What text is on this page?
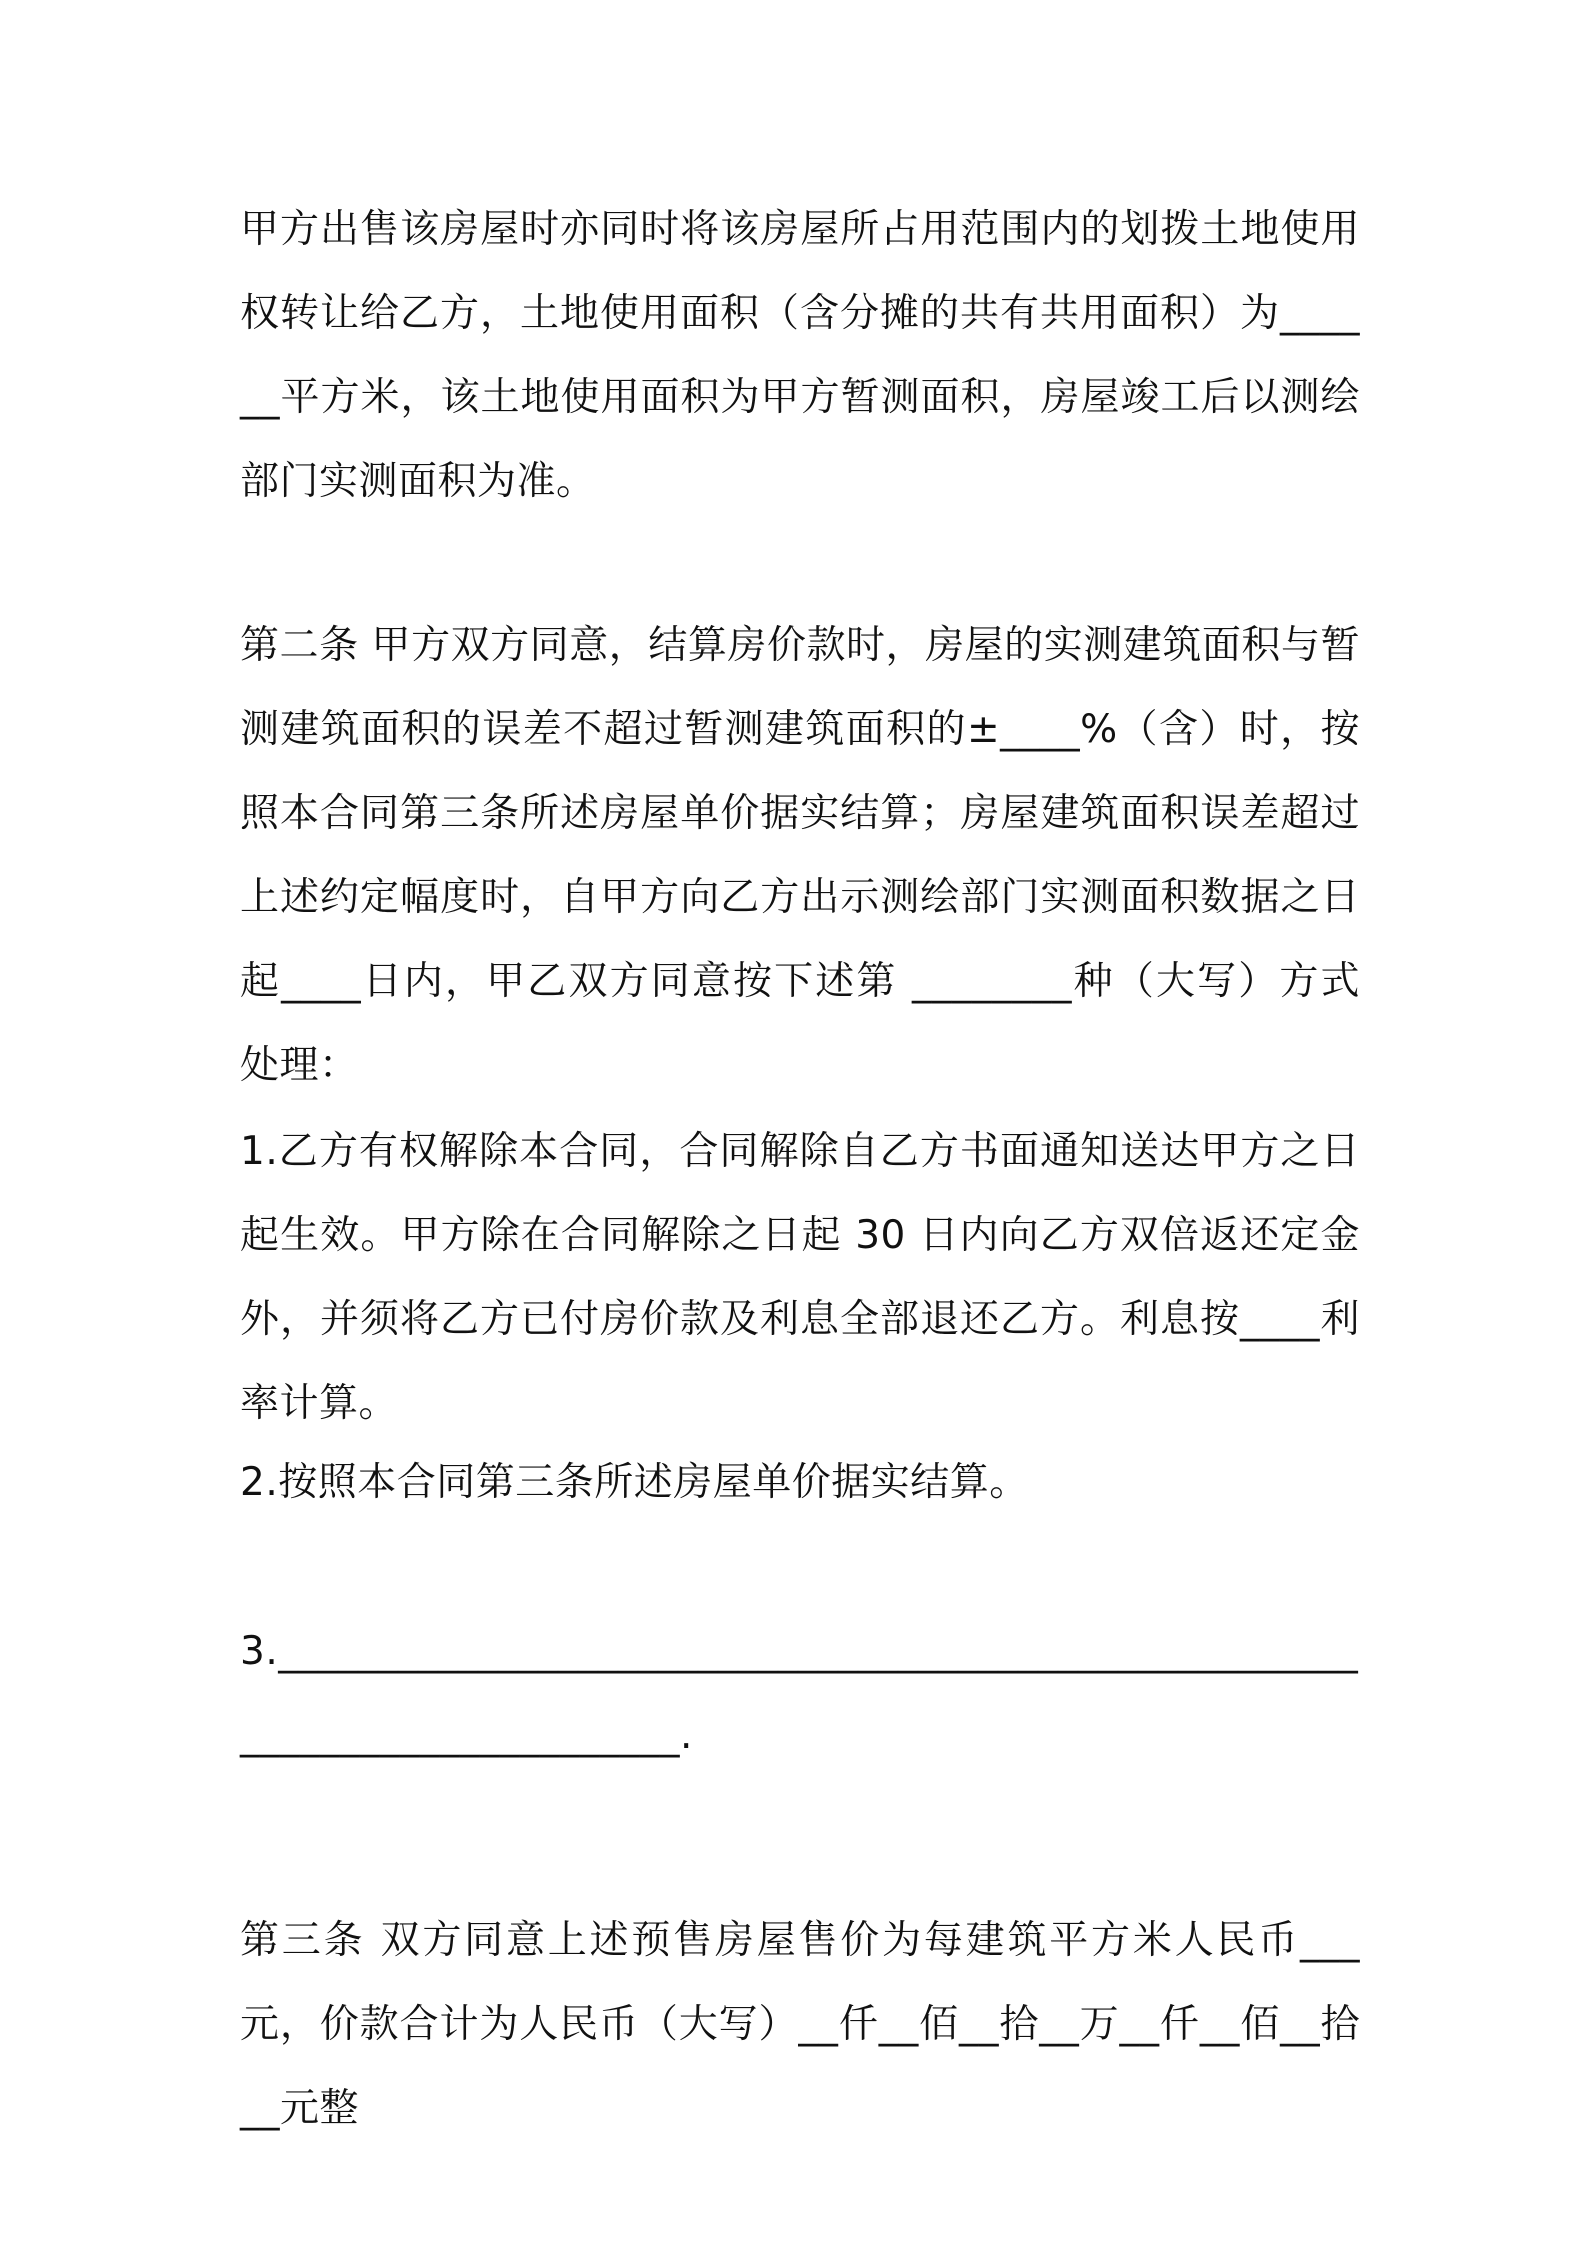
甲方出售该房屋时亦同时将该房屋所占用范围内的划拨土地使用权转让给乙方，土地使用面积（含分摊的共有共用面积）为______平方米，该土地使用面积为甲方暂测面积，房屋竣工后以测绘部门实测面积为准。

第二条 甲方双方同意，结算房价款时，房屋的实测建筑面积与暂测建筑面积的误差不超过暂测建筑面积的±____%（含）时，按照本合同第三条所述房屋单价据实结算；房屋建筑面积误差超过上述约定幅度时，自甲方向乙方出示测绘部门实测面积数据之日起____日内，甲乙双方同意按下述第 ________种（大写）方式处理：

1.乙方有权解除本合同，合同解除自乙方书面通知送达甲方之日起生效。甲方除在合同解除之日起 30 日内向乙方双倍返还定金外，并须将乙方已付房价款及利息全部退还乙方。利息按____利率计算。

2.按照本合同第三条所述房屋单价据实结算。

3.____________________________________________________________________________.

第三条 双方同意上述预售房屋售价为每建筑平方米人民币___元，价款合计为人民币（大写）__仟__佰__拾__万__仟__佰__拾__元整
